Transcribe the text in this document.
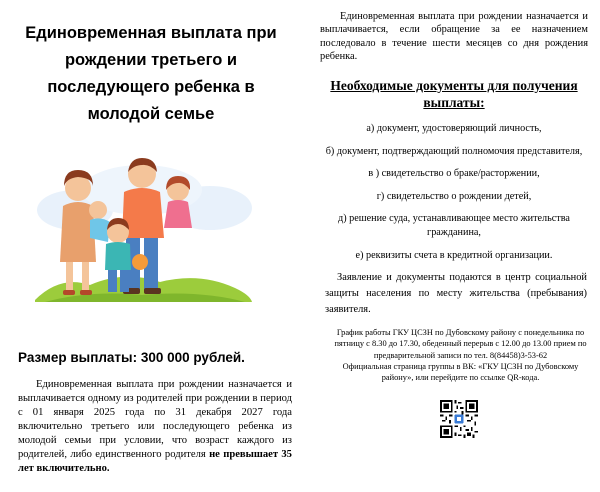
Единовременная выплата при рождении третьего и последующего ребенка в молодой семье

Размер выплаты: 300 000 рублей.

Единовременная выплата при рождении назначается и выплачивается одному из родителей при рождении в период с 01 января 2025 года по 31 декабря 2027 года включительно третьего или последующего ребенка из молодой семьи при условии, что возраст каждого из родителей, либо единственного родителя не превышает 35 лет включительно.

Единовременная выплата при рождении назначается и выплачивается, если обращение за ее назначением последовало в течение шести месяцев со дня рождения ребенка.

Необходимые документы для получения выплаты:
а) документ, удостоверяющий личность,
б) документ, подтверждающий полномочия представителя,
в ) свидетельство о браке/расторжении,
г) свидетельство о рождении детей,
д) решение суда, устанавливающее место жительства гражданина,
е) реквизиты счета в кредитной организации.

Заявление и документы подаются в центр социальной защиты населения по месту жительства (пребывания) заявителя.

График работы ГКУ ЦСЗН по Дубовскому району с понедельника по пятницу с 8.30 до 17.30, обеденный перерыв с 12.00 до 13.00 прием по предварительной записи по тел. 8(84458)3-53-62
Официальная страница группы в ВК: «ГКУ ЦСЗН по Дубовскому району», или перейдите по ссылке QR-кода.
